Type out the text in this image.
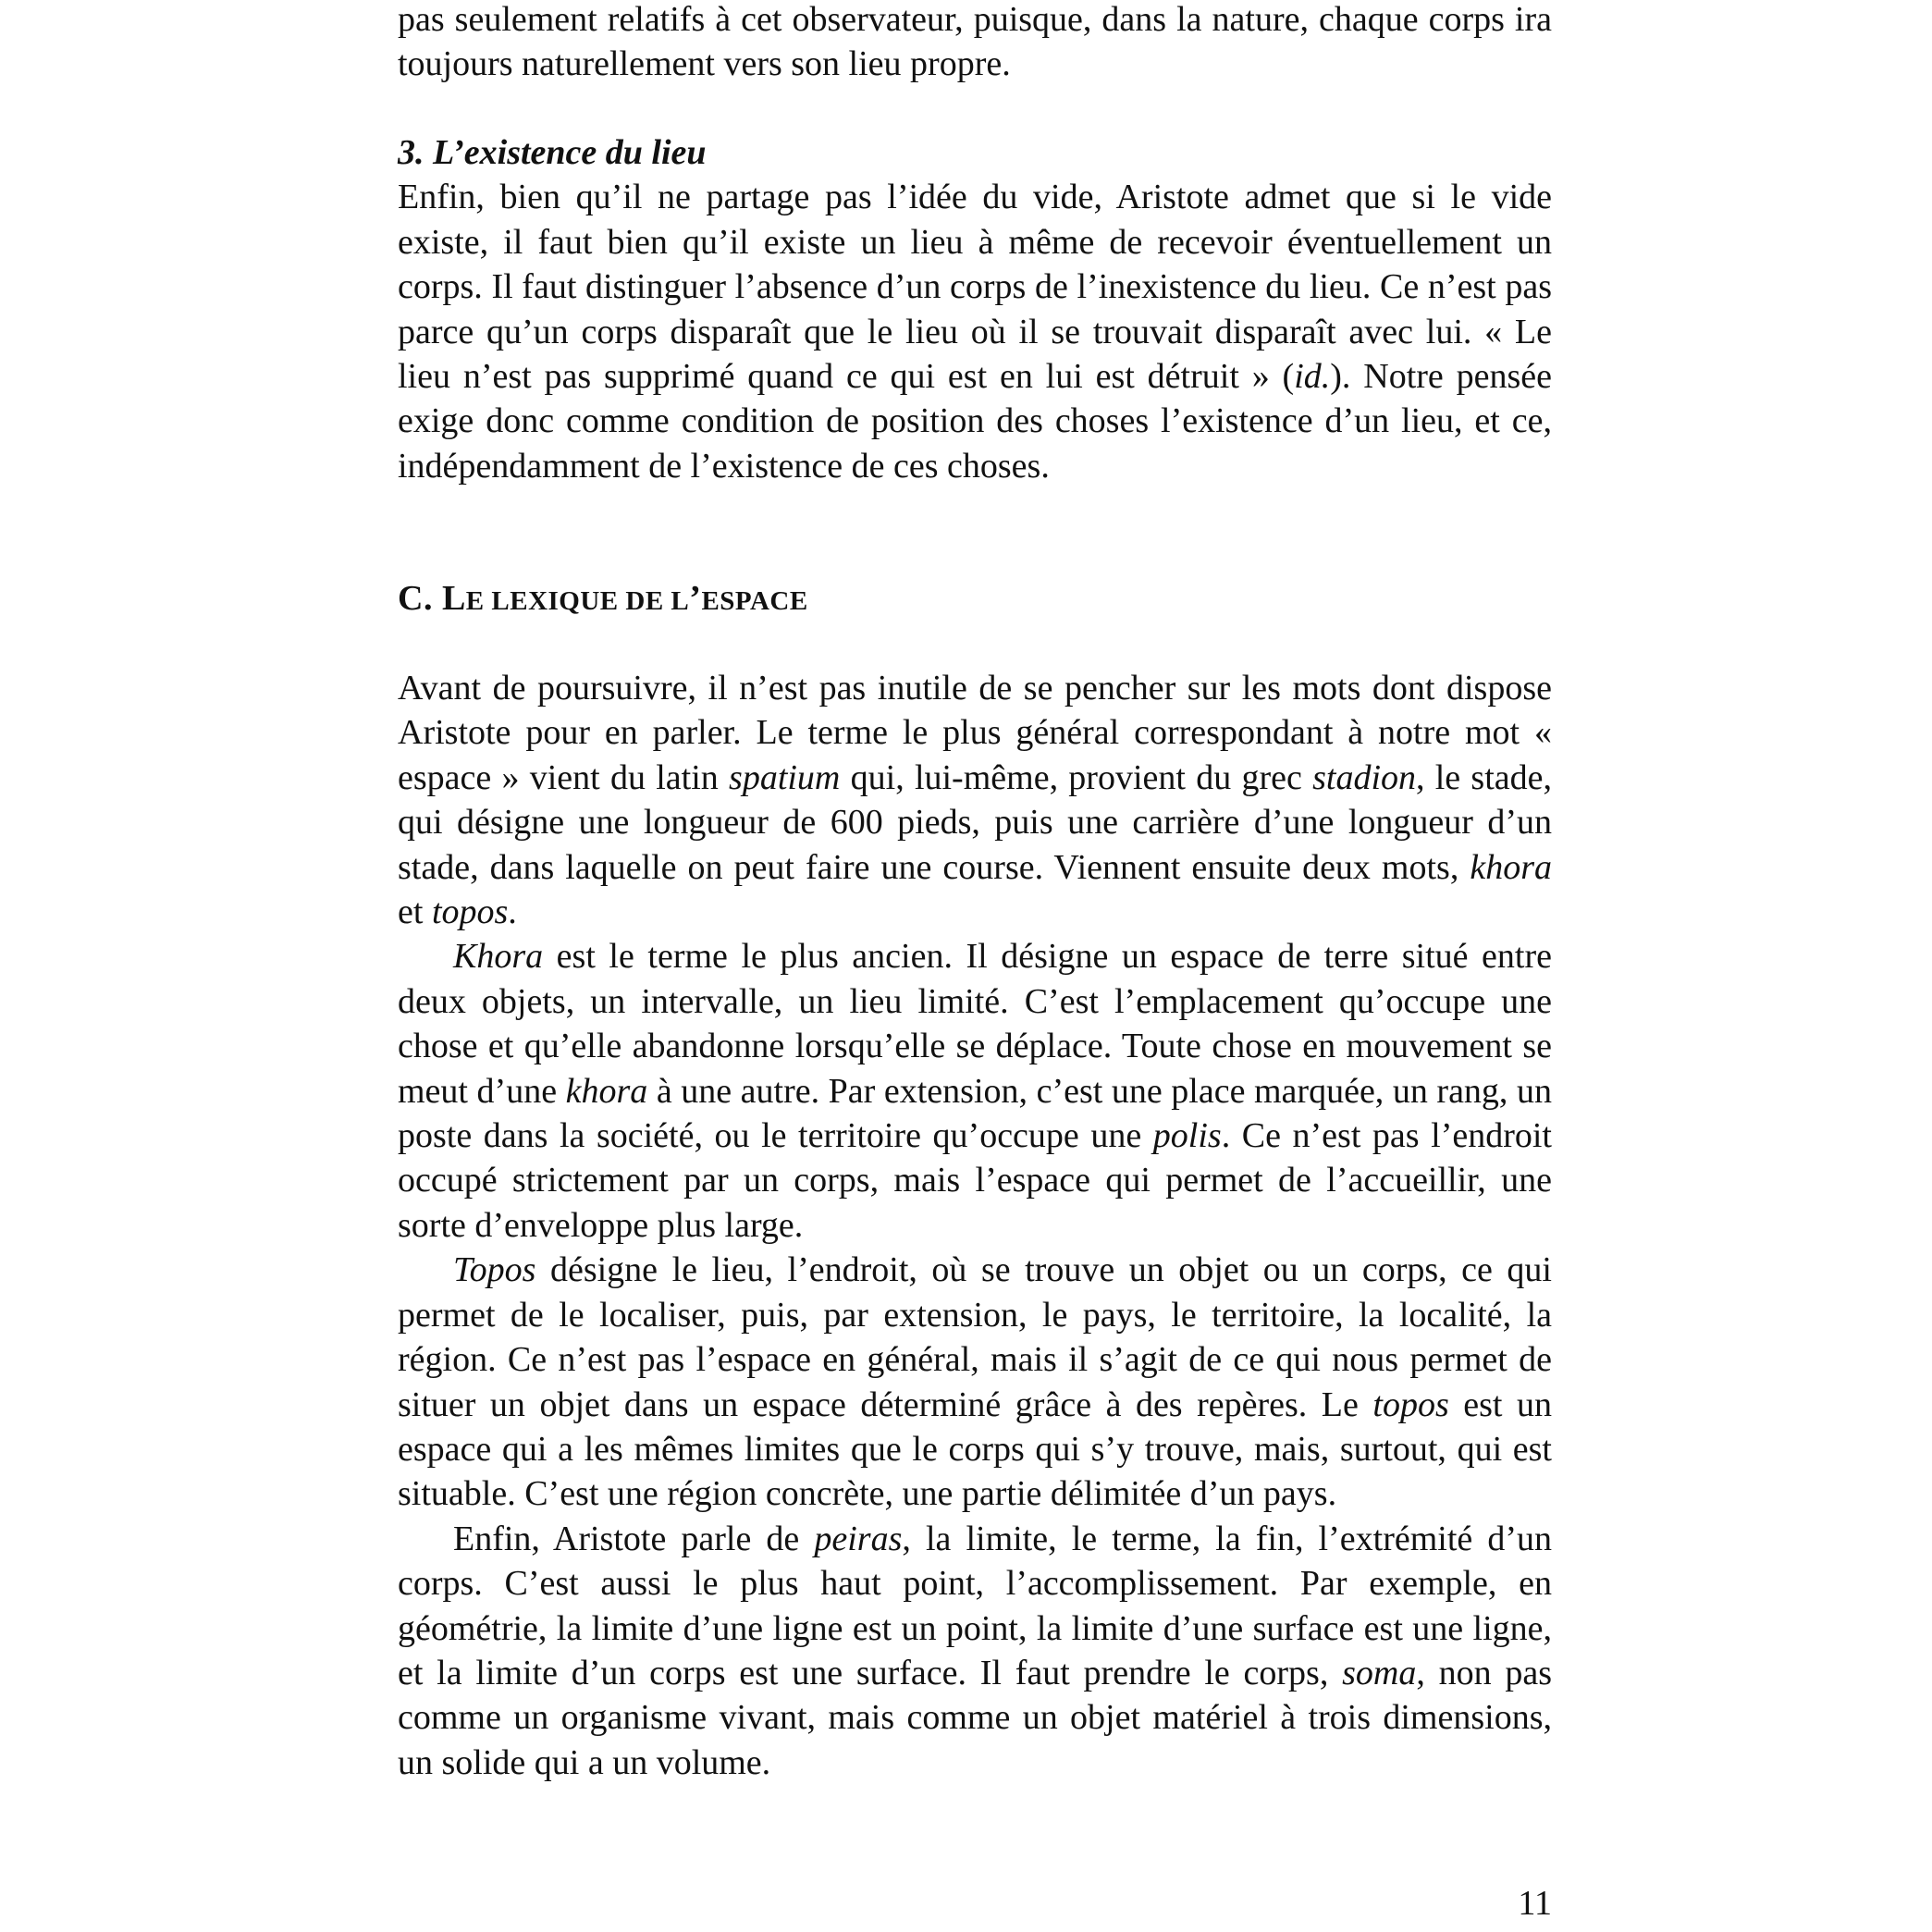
pas seulement relatifs à cet observateur, puisque, dans la nature, chaque corps ira toujours naturellement vers son lieu propre.

3. L’existence du lieu

Enfin, bien qu’il ne partage pas l’idée du vide, Aristote admet que si le vide existe, il faut bien qu’il existe un lieu à même de recevoir éventuellement un corps. Il faut distinguer l’absence d’un corps de l’inexistence du lieu. Ce n’est pas parce qu’un corps disparaît que le lieu où il se trouvait disparaît avec lui. « Le lieu n’est pas supprimé quand ce qui est en lui est détruit » (id.). Notre pensée exige donc comme condition de position des choses l’existence d’un lieu, et ce, indépendamment de l’existence de ces choses.

C. LE LEXIQUE DE L’ESPACE

Avant de poursuivre, il n’est pas inutile de se pencher sur les mots dont dispose Aristote pour en parler. Le terme le plus général correspondant à notre mot « espace » vient du latin spatium qui, lui-même, provient du grec stadion, le stade, qui désigne une longueur de 600 pieds, puis une carrière d’une longueur d’un stade, dans laquelle on peut faire une course. Viennent ensuite deux mots, khora et topos.

Khora est le terme le plus ancien. Il désigne un espace de terre situé entre deux objets, un intervalle, un lieu limité. C’est l’emplacement qu’occupe une chose et qu’elle abandonne lorsqu’elle se déplace. Toute chose en mouvement se meut d’une khora à une autre. Par extension, c’est une place marquée, un rang, un poste dans la société, ou le territoire qu’occupe une polis. Ce n’est pas l’endroit occupé strictement par un corps, mais l’espace qui permet de l’accueillir, une sorte d’enveloppe plus large.

Topos désigne le lieu, l’endroit, où se trouve un objet ou un corps, ce qui permet de le localiser, puis, par extension, le pays, le territoire, la localité, la région. Ce n’est pas l’espace en général, mais il s’agit de ce qui nous permet de situer un objet dans un espace déterminé grâce à des repères. Le topos est un espace qui a les mêmes limites que le corps qui s’y trouve, mais, surtout, qui est situable. C’est une région concrète, une partie délimitée d’un pays.

Enfin, Aristote parle de peiras, la limite, le terme, la fin, l’extrémité d’un corps. C’est aussi le plus haut point, l’accomplissement. Par exemple, en géométrie, la limite d’une ligne est un point, la limite d’une surface est une ligne, et la limite d’un corps est une surface. Il faut prendre le corps, soma, non pas comme un organisme vivant, mais comme un objet matériel à trois dimensions, un solide qui a un volume.

11
